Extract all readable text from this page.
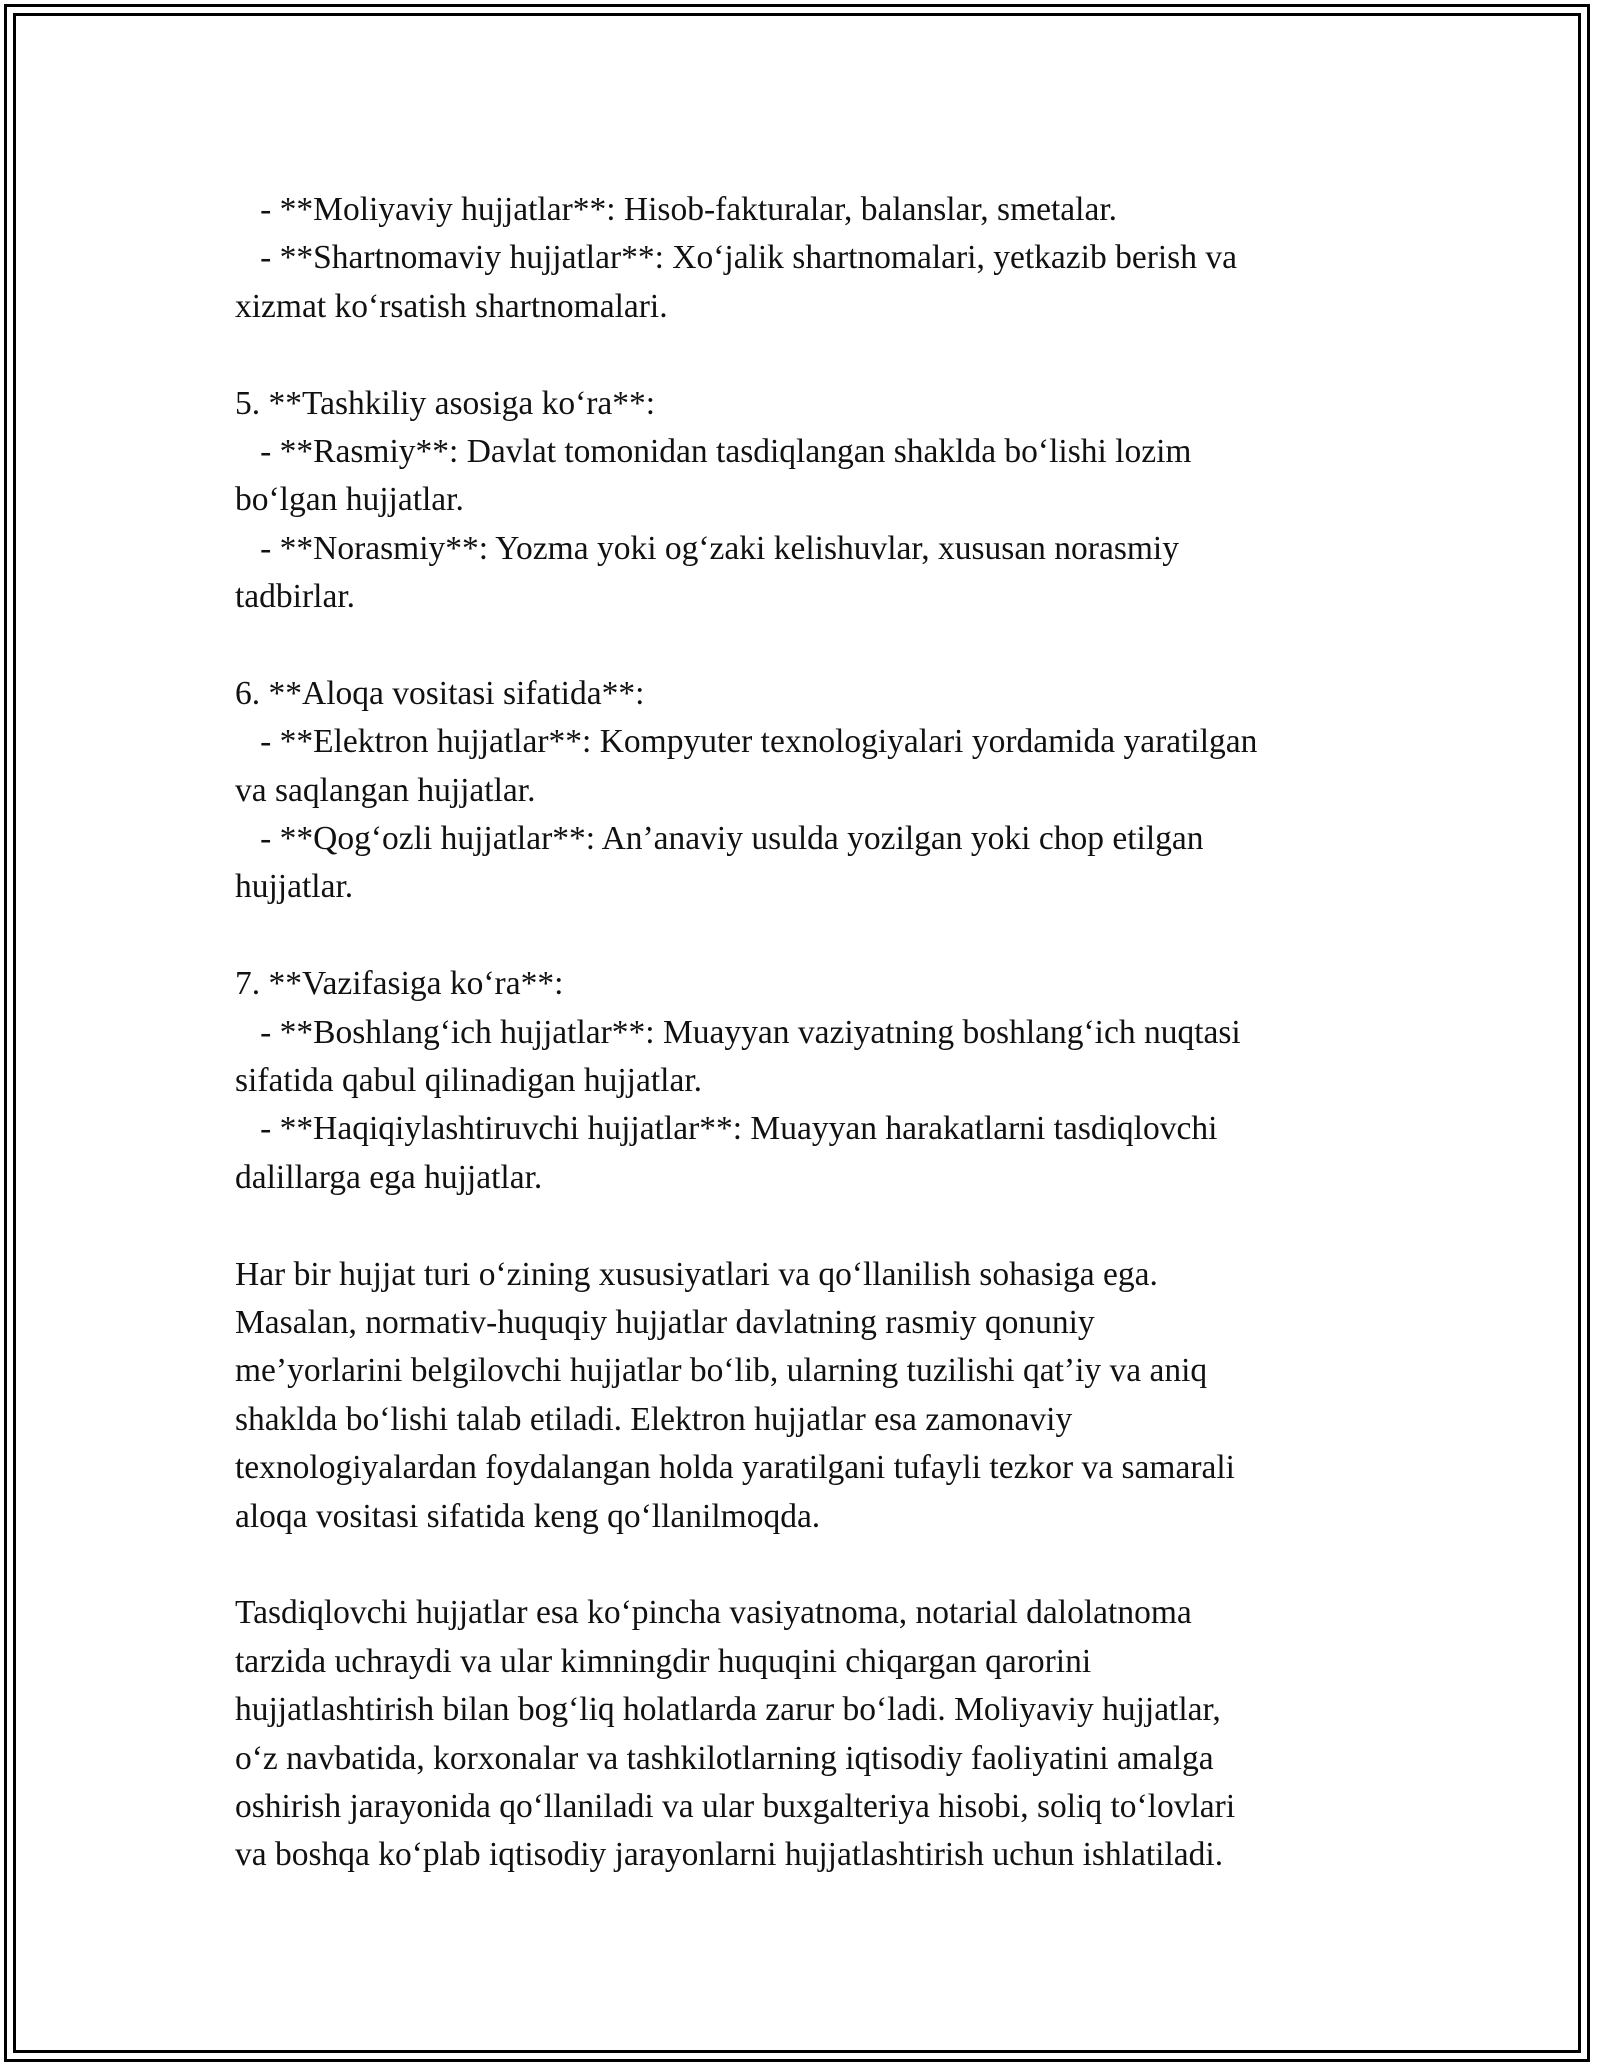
- **Moliyaviy hujjatlar**: Hisob-fakturalar, balanslar, smetalar.
- **Shartnomaviy hujjatlar**: Xo‘jalik shartnomalari, yetkazib berish va
xizmat ko‘rsatish shartnomalari.
5. **Tashkiliy asosiga ko‘ra**:
- **Rasmiy**: Davlat tomonidan tasdiqlangan shaklda bo‘lishi lozim
bo‘lgan hujjatlar.
- **Norasmiy**: Yozma yoki og‘zaki kelishuvlar, xususan norasmiy
tadbirlar.
6. **Aloqa vositasi sifatida**:
- **Elektron hujjatlar**: Kompyuter texnologiyalari yordamida yaratilgan
va saqlangan hujjatlar.
- **Qog‘ozli hujjatlar**: An’anaviy usulda yozilgan yoki chop etilgan
hujjatlar.
7. **Vazifasiga ko‘ra**:
- **Boshlang‘ich hujjatlar**: Muayyan vaziyatning boshlang‘ich nuqtasi
sifatida qabul qilinadigan hujjatlar.
- **Haqiqiylashtiruvchi hujjatlar**: Muayyan harakatlarni tasdiqlovchi
dalillarga ega hujjatlar.
Har bir hujjat turi o‘zining xususiyatlari va qo‘llanilish sohasiga ega.
Masalan, normativ-huquqiy hujjatlar davlatning rasmiy qonuniy
me’yorlarini belgilovchi hujjatlar bo‘lib, ularning tuzilishi qat’iy va aniq
shaklda bo‘lishi talab etiladi. Elektron hujjatlar esa zamonaviy
texnologiyalardan foydalangan holda yaratilgani tufayli tezkor va samarali
aloqa vositasi sifatida keng qo‘llanilmoqda.
Tasdiqlovchi hujjatlar esa ko‘pincha vasiyatnoma, notarial dalolatnoma
tarzida uchraydi va ular kimningdir huquqini chiqargan qarorini
hujjatlashtirish bilan bog‘liq holatlarda zarur bo‘ladi. Moliyaviy hujjatlar,
o‘z navbatida, korxonalar va tashkilotlarning iqtisodiy faoliyatini amalga
oshirish jarayonida qo‘llaniladi va ular buxgalteriya hisobi, soliq to‘lovlari
va boshqa ko‘plab iqtisodiy jarayonlarni hujjatlashtirish uchun ishlatiladi.
